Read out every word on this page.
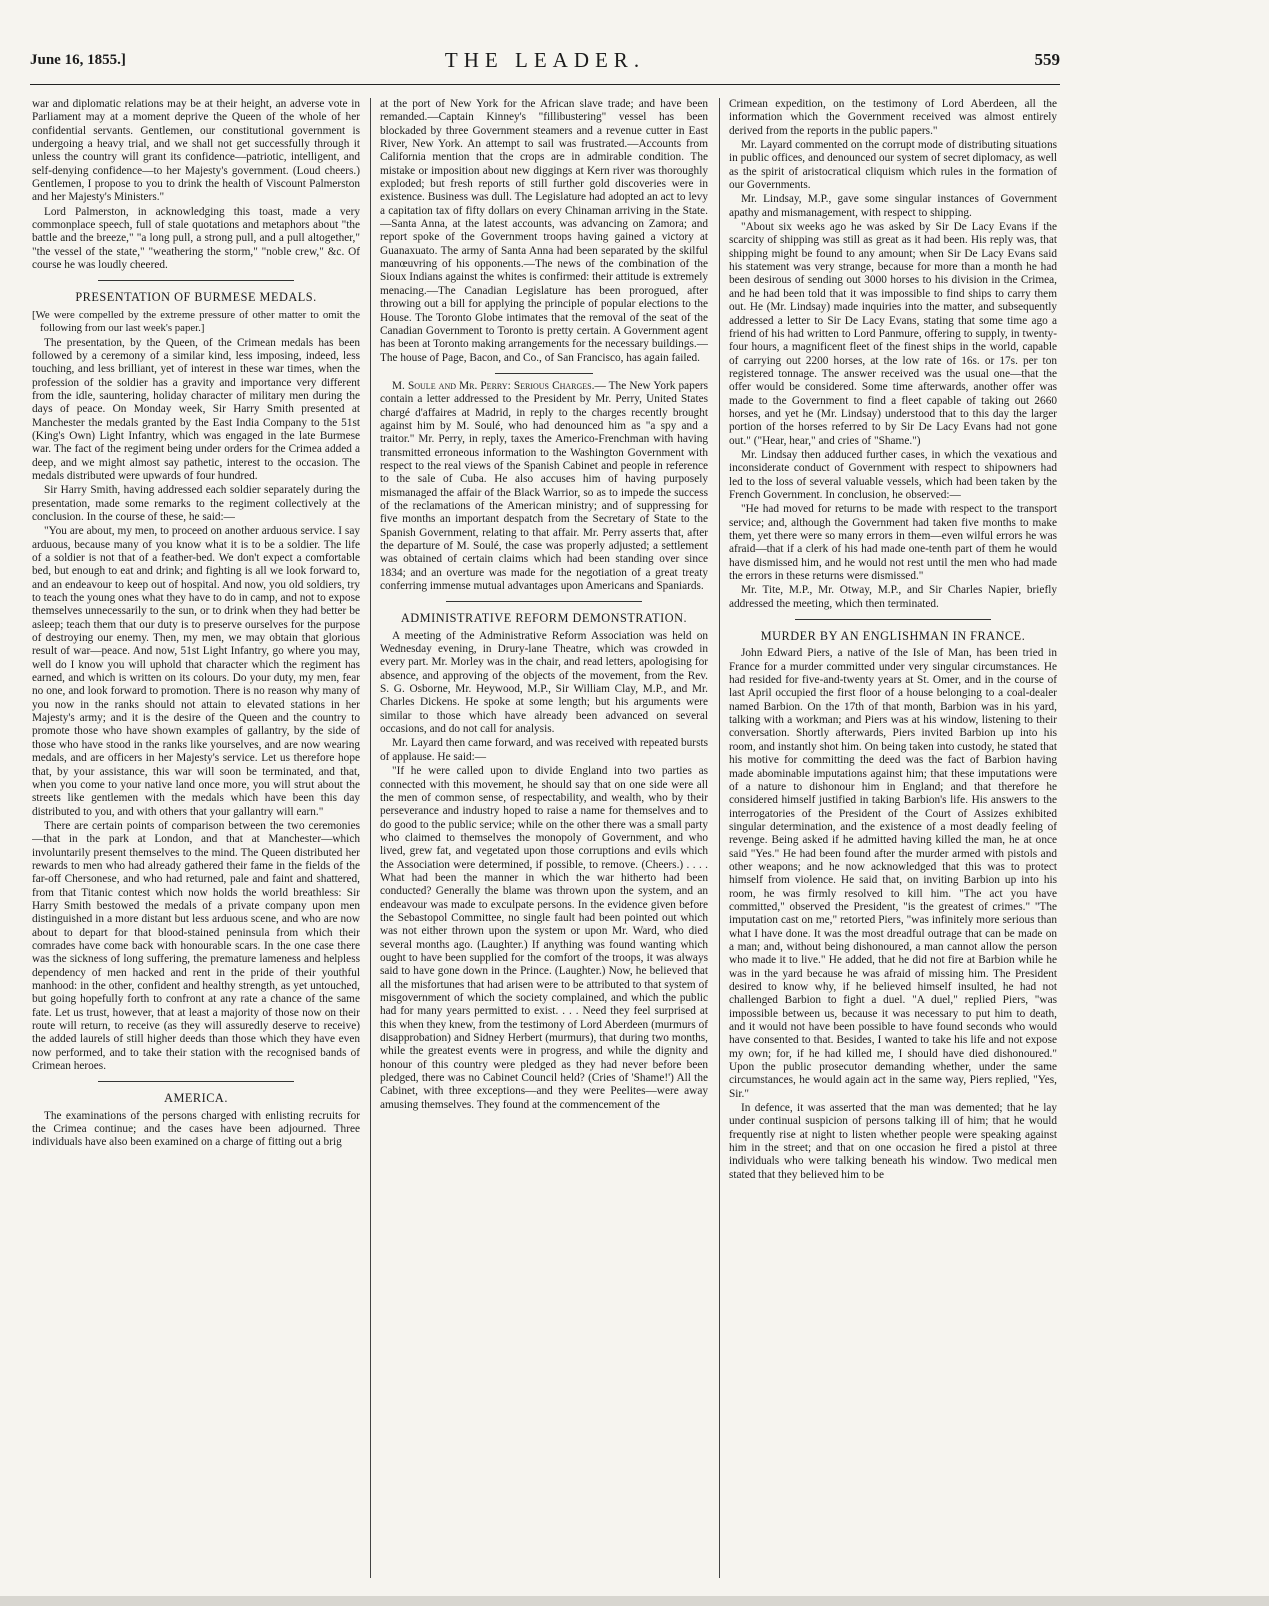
June 16, 1855.]	THE LEADER.	559

war and diplomatic relations may be at their height, an adverse vote in Parliament may at a moment deprive the Queen of the whole of her confidential servants. Gentlemen, our constitutional government is undergoing a heavy trial, and we shall not get successfully through it unless the country will grant its confidence—patriotic, intelligent, and self-denying confidence—to her Majesty's government. (Loud cheers.) Gentlemen, I propose to you to drink the health of Viscount Palmerston and her Majesty's Ministers."

Lord Palmerston, in acknowledging this toast, made a very commonplace speech, full of stale quotations and metaphors about "the battle and the breeze," "a long pull, a strong pull, and a pull altogether," "the vessel of the state," "weathering the storm," "noble crew," &c. Of course he was loudly cheered.

PRESENTATION OF BURMESE MEDALS.

[We were compelled by the extreme pressure of other matter to omit the following from our last week's paper.]

The presentation, by the Queen, of the Crimean medals has been followed by a ceremony of a similar kind, less imposing, indeed, less touching, and less brilliant, yet of interest in these war times, when the profession of the soldier has a gravity and importance very different from the idle, sauntering, holiday character of military men during the days of peace. On Monday week, Sir Harry Smith presented at Manchester the medals granted by the East India Company to the 51st (King's Own) Light Infantry, which was engaged in the late Burmese war. The fact of the regiment being under orders for the Crimea added a deep, and we might almost say pathetic, interest to the occasion. The medals distributed were upwards of four hundred.

Sir Harry Smith, having addressed each soldier separately during the presentation, made some remarks to the regiment collectively at the conclusion. In the course of these, he said:—

"You are about, my men, to proceed on another arduous service. I say arduous, because many of you know what it is to be a soldier. The life of a soldier is not that of a feather-bed. We don't expect a comfortable bed, but enough to eat and drink; and fighting is all we look forward to, and an endeavour to keep out of hospital. And now, you old soldiers, try to teach the young ones what they have to do in camp, and not to expose themselves unnecessarily to the sun, or to drink when they had better be asleep; teach them that our duty is to preserve ourselves for the purpose of destroying our enemy. Then, my men, we may obtain that glorious result of war—peace. And now, 51st Light Infantry, go where you may, well do I know you will uphold that character which the regiment has earned, and which is written on its colours. Do your duty, my men, fear no one, and look forward to promotion. There is no reason why many of you now in the ranks should not attain to elevated stations in her Majesty's army; and it is the desire of the Queen and the country to promote those who have shown examples of gallantry, by the side of those who have stood in the ranks like yourselves, and are now wearing medals, and are officers in her Majesty's service. Let us therefore hope that, by your assistance, this war will soon be terminated, and that, when you come to your native land once more, you will strut about the streets like gentlemen with the medals which have been this day distributed to you, and with others that your gallantry will earn."

There are certain points of comparison between the two ceremonies—that in the park at London, and that at Manchester—which involuntarily present themselves to the mind. The Queen distributed her rewards to men who had already gathered their fame in the fields of the far-off Chersonese, and who had returned, pale and faint and shattered, from that Titanic contest which now holds the world breathless: Sir Harry Smith bestowed the medals of a private company upon men distinguished in a more distant but less arduous scene, and who are now about to depart for that blood-stained peninsula from which their comrades have come back with honourable scars. In the one case there was the sickness of long suffering, the premature lameness and helpless dependency of men hacked and rent in the pride of their youthful manhood: in the other, confident and healthy strength, as yet untouched, but going hopefully forth to confront at any rate a chance of the same fate. Let us trust, however, that at least a majority of those now on their route will return, to receive (as they will assuredly deserve to receive) the added laurels of still higher deeds than those which they have even now performed, and to take their station with the recognised bands of Crimean heroes.

AMERICA.

The examinations of the persons charged with enlisting recruits for the Crimea continue; and the cases have been adjourned. Three individuals have also been examined on a charge of fitting out a brig

at the port of New York for the African slave trade; and have been remanded.—Captain Kinney's "fillibustering" vessel has been blockaded by three Government steamers and a revenue cutter in East River, New York. An attempt to sail was frustrated.—Accounts from California mention that the crops are in admirable condition. The mistake or imposition about new diggings at Kern river was thoroughly exploded; but fresh reports of still further gold discoveries were in existence. Business was dull. The Legislature had adopted an act to levy a capitation tax of fifty dollars on every Chinaman arriving in the State.—Santa Anna, at the latest accounts, was advancing on Zamora; and report spoke of the Government troops having gained a victory at Guanaxuato. The army of Santa Anna had been separated by the skilful manœuvring of his opponents.—The news of the combination of the Sioux Indians against the whites is confirmed: their attitude is extremely menacing.—The Canadian Legislature has been prorogued, after throwing out a bill for applying the principle of popular elections to the House. The Toronto Globe intimates that the removal of the seat of the Canadian Government to Toronto is pretty certain. A Government agent has been at Toronto making arrangements for the necessary buildings.—The house of Page, Bacon, and Co., of San Francisco, has again failed.

M. Soule and Mr. Perry: Serious Charges.— The New York papers contain a letter addressed to the President by Mr. Perry, United States chargé d'affaires at Madrid, in reply to the charges recently brought against him by M. Soulé, who had denounced him as "a spy and a traitor." Mr. Perry, in reply, taxes the Americo-Frenchman with having transmitted erroneous information to the Washington Government with respect to the real views of the Spanish Cabinet and people in reference to the sale of Cuba. He also accuses him of having purposely mismanaged the affair of the Black Warrior, so as to impede the success of the reclamations of the American ministry; and of suppressing for five months an important despatch from the Secretary of State to the Spanish Government, relating to that affair. Mr. Perry asserts that, after the departure of M. Soulé, the case was properly adjusted; a settlement was obtained of certain claims which had been standing over since 1834; and an overture was made for the negotiation of a great treaty conferring immense mutual advantages upon Americans and Spaniards.

ADMINISTRATIVE REFORM DEMONSTRATION.

A meeting of the Administrative Reform Association was held on Wednesday evening, in Drury-lane Theatre, which was crowded in every part. Mr. Morley was in the chair, and read letters, apologising for absence, and approving of the objects of the movement, from the Rev. S. G. Osborne, Mr. Heywood, M.P., Sir William Clay, M.P., and Mr. Charles Dickens. He spoke at some length; but his arguments were similar to those which have already been advanced on several occasions, and do not call for analysis.

Mr. Layard then came forward, and was received with repeated bursts of applause. He said:—

"If he were called upon to divide England into two parties as connected with this movement, he should say that on one side were all the men of common sense, of respectability, and wealth, who by their perseverance and industry hoped to raise a name for themselves and to do good to the public service; while on the other there was a small party who claimed to themselves the monopoly of Government, and who lived, grew fat, and vegetated upon those corruptions and evils which the Association were determined, if possible, to remove. (Cheers.) . . . . What had been the manner in which the war hitherto had been conducted? Generally the blame was thrown upon the system, and an endeavour was made to exculpate persons. In the evidence given before the Sebastopol Committee, no single fault had been pointed out which was not either thrown upon the system or upon Mr. Ward, who died several months ago. (Laughter.) If anything was found wanting which ought to have been supplied for the comfort of the troops, it was always said to have gone down in the Prince. (Laughter.) Now, he believed that all the misfortunes that had arisen were to be attributed to that system of misgovernment of which the society complained, and which the public had for many years permitted to exist. . . . Need they feel surprised at this when they knew, from the testimony of Lord Aberdeen (murmurs of disapprobation) and Sidney Herbert (murmurs), that during two months, while the greatest events were in progress, and while the dignity and honour of this country were pledged as they had never before been pledged, there was no Cabinet Council held? (Cries of 'Shame!') All the Cabinet, with three exceptions—and they were Peelites—were away amusing themselves. They found at the commencement of the

Crimean expedition, on the testimony of Lord Aberdeen, all the information which the Government received was almost entirely derived from the reports in the public papers."

Mr. Layard commented on the corrupt mode of distributing situations in public offices, and denounced our system of secret diplomacy, as well as the spirit of aristocratical cliquism which rules in the formation of our Governments.

Mr. Lindsay, M.P., gave some singular instances of Government apathy and mismanagement, with respect to shipping.

"About six weeks ago he was asked by Sir De Lacy Evans if the scarcity of shipping was still as great as it had been. His reply was, that shipping might be found to any amount; when Sir De Lacy Evans said his statement was very strange, because for more than a month he had been desirous of sending out 3000 horses to his division in the Crimea, and he had been told that it was impossible to find ships to carry them out. He (Mr. Lindsay) made inquiries into the matter, and subsequently addressed a letter to Sir De Lacy Evans, stating that some time ago a friend of his had written to Lord Panmure, offering to supply, in twenty-four hours, a magnificent fleet of the finest ships in the world, capable of carrying out 2200 horses, at the low rate of 16s. or 17s. per ton registered tonnage. The answer received was the usual one—that the offer would be considered. Some time afterwards, another offer was made to the Government to find a fleet capable of taking out 2660 horses, and yet he (Mr. Lindsay) understood that to this day the larger portion of the horses referred to by Sir De Lacy Evans had not gone out." ("Hear, hear," and cries of "Shame.")

Mr. Lindsay then adduced further cases, in which the vexatious and inconsiderate conduct of Government with respect to shipowners had led to the loss of several valuable vessels, which had been taken by the French Government. In conclusion, he observed:—

"He had moved for returns to be made with respect to the transport service; and, although the Government had taken five months to make them, yet there were so many errors in them—even wilful errors he was afraid—that if a clerk of his had made one-tenth part of them he would have dismissed him, and he would not rest until the men who had made the errors in these returns were dismissed."

Mr. Tite, M.P., Mr. Otway, M.P., and Sir Charles Napier, briefly addressed the meeting, which then terminated.

MURDER BY AN ENGLISHMAN IN FRANCE.

John Edward Piers, a native of the Isle of Man, has been tried in France for a murder committed under very singular circumstances. He had resided for five-and-twenty years at St. Omer, and in the course of last April occupied the first floor of a house belonging to a coal-dealer named Barbion. On the 17th of that month, Barbion was in his yard, talking with a workman; and Piers was at his window, listening to their conversation. Shortly afterwards, Piers invited Barbion up into his room, and instantly shot him. On being taken into custody, he stated that his motive for committing the deed was the fact of Barbion having made abominable imputations against him; that these imputations were of a nature to dishonour him in England; and that therefore he considered himself justified in taking Barbion's life. His answers to the interrogatories of the President of the Court of Assizes exhibited singular determination, and the existence of a most deadly feeling of revenge. Being asked if he admitted having killed the man, he at once said "Yes." He had been found after the murder armed with pistols and other weapons; and he now acknowledged that this was to protect himself from violence. He said that, on inviting Barbion up into his room, he was firmly resolved to kill him. "The act you have committed," observed the President, "is the greatest of crimes." "The imputation cast on me," retorted Piers, "was infinitely more serious than what I have done. It was the most dreadful outrage that can be made on a man; and, without being dishonoured, a man cannot allow the person who made it to live." He added, that he did not fire at Barbion while he was in the yard because he was afraid of missing him. The President desired to know why, if he believed himself insulted, he had not challenged Barbion to fight a duel. "A duel," replied Piers, "was impossible between us, because it was necessary to put him to death, and it would not have been possible to have found seconds who would have consented to that. Besides, I wanted to take his life and not expose my own; for, if he had killed me, I should have died dishonoured." Upon the public prosecutor demanding whether, under the same circumstances, he would again act in the same way, Piers replied, "Yes, Sir."

In defence, it was asserted that the man was demented; that he lay under continual suspicion of persons talking ill of him; that he would frequently rise at night to listen whether people were speaking against him in the street; and that on one occasion he fired a pistol at three individuals who were talking beneath his window. Two medical men stated that they believed him to be
